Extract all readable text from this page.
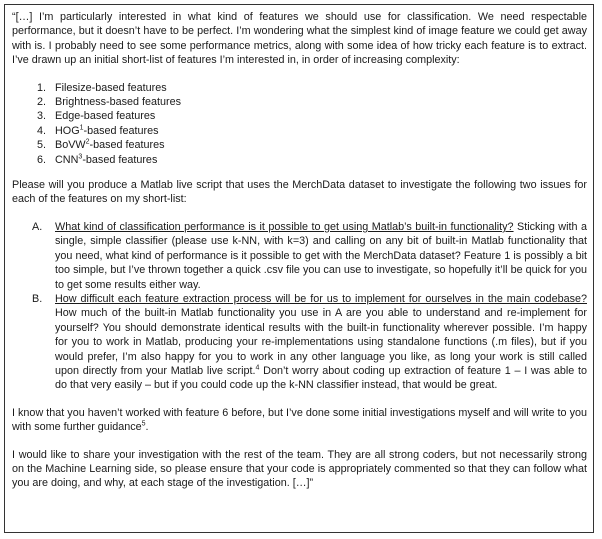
“[…] I’m particularly interested in what kind of features we should use for classification. We need respectable performance, but it doesn’t have to be perfect. I’m wondering what the simplest kind of image feature we could get away with is. I probably need to see some performance metrics, along with some idea of how tricky each feature is to extract. I’ve drawn up an initial short-list of features I’m interested in, in order of increasing complexity:

1. Filesize-based features
2. Brightness-based features
3. Edge-based features
4. HOG$^1$-based features
5. BoVW$^2$-based features
6. CNN$^3$-based features

Please will you produce a Matlab live script that uses the MerchData dataset to investigate the following two issues for each of the features on my short-list:

A.	What kind of classification performance is it possible to get using Matlab’s built-in functionality? Sticking with a single, simple classifier (please use k-NN, with k=3) and calling on any bit of built-in Matlab functionality that you need, what kind of performance is it possible to get with the MerchData dataset? Feature 1 is possibly a bit too simple, but I’ve thrown together a quick .csv file you can use to investigate, so hopefully it’ll be quick for you to get some results either way.
B.	How difficult each feature extraction process will be for us to implement for ourselves in the main codebase? How much of the built-in Matlab functionality you use in A are you able to understand and re-implement for yourself? You should demonstrate identical results with the built-in functionality wherever possible. I’m happy for you to work in Matlab, producing your re-implementations using standalone functions (.m files), but if you would prefer, I’m also happy for you to work in any other language you like, as long your work is still called upon directly from your Matlab live script.$^4$ Don’t worry about coding up extraction of feature 1 – I was able to do that very easily – but if you could code up the k-NN classifier instead, that would be great.

I know that you haven’t worked with feature 6 before, but I’ve done some initial investigations myself and will write to you with some further guidance$^5$.

I would like to share your investigation with the rest of the team. They are all strong coders, but not necessarily strong on the Machine Learning side, so please ensure that your code is appropriately commented so that they can follow what you are doing, and why, at each stage of the investigation. […]”
